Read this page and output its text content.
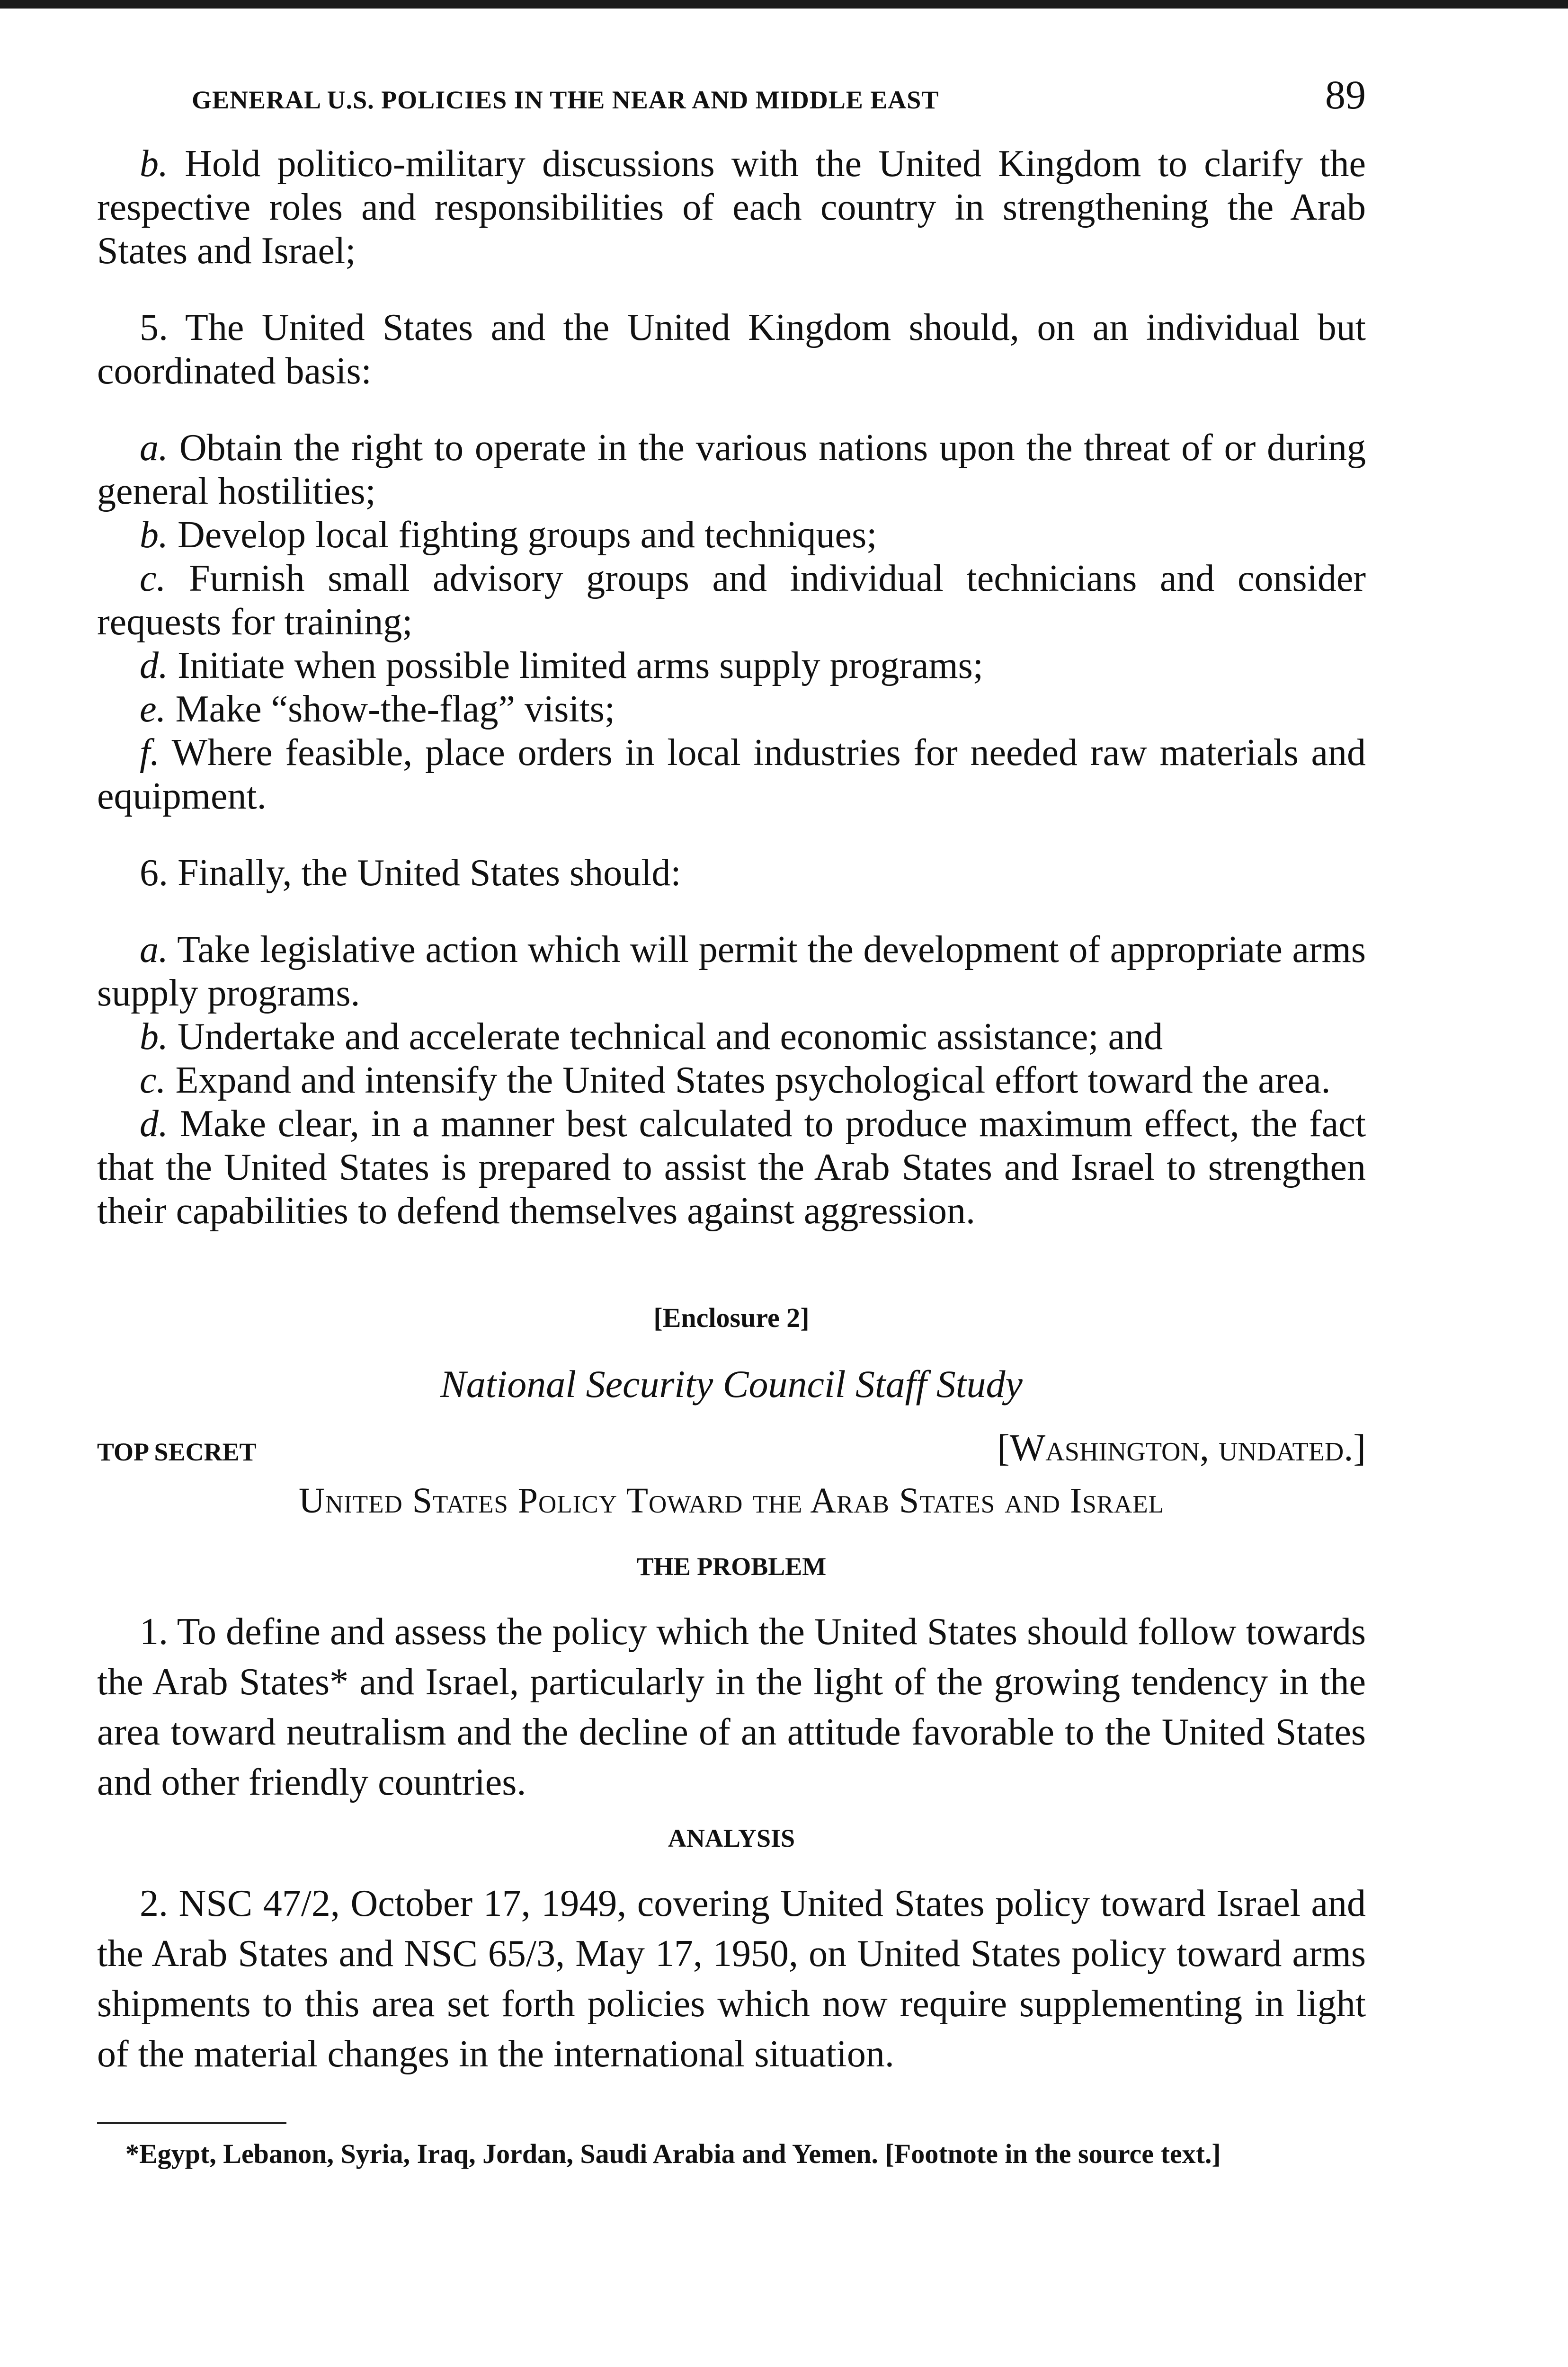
GENERAL U.S. POLICIES IN THE NEAR AND MIDDLE EAST	89

b. Hold politico-military discussions with the United Kingdom to clarify the respective roles and responsibilities of each country in strengthening the Arab States and Israel;

5. The United States and the United Kingdom should, on an individual but coordinated basis:

a. Obtain the right to operate in the various nations upon the threat of or during general hostilities;

b. Develop local fighting groups and techniques;

c. Furnish small advisory groups and individual technicians and consider requests for training;

d. Initiate when possible limited arms supply programs;

e. Make “show-the-flag” visits;

f. Where feasible, place orders in local industries for needed raw materials and equipment.

6. Finally, the United States should:

a. Take legislative action which will permit the development of appropriate arms supply programs.

b. Undertake and accelerate technical and economic assistance; and

c. Expand and intensify the United States psychological effort toward the area.

d. Make clear, in a manner best calculated to produce maximum effect, the fact that the United States is prepared to assist the Arab States and Israel to strengthen their capabilities to defend themselves against aggression.

[Enclosure 2]
National Security Council Staff Study
TOP SECRET	[Washington, undated.]
United States Policy Toward the Arab States and Israel
THE PROBLEM

1. To define and assess the policy which the United States should follow towards the Arab States* and Israel, particularly in the light of the growing tendency in the area toward neutralism and the decline of an attitude favorable to the United States and other friendly countries.

ANALYSIS

2. NSC 47/2, October 17, 1949, covering United States policy toward Israel and the Arab States and NSC 65/3, May 17, 1950, on United States policy toward arms shipments to this area set forth policies which now require supplementing in light of the material changes in the international situation.

*Egypt, Lebanon, Syria, Iraq, Jordan, Saudi Arabia and Yemen. [Footnote in the source text.]
